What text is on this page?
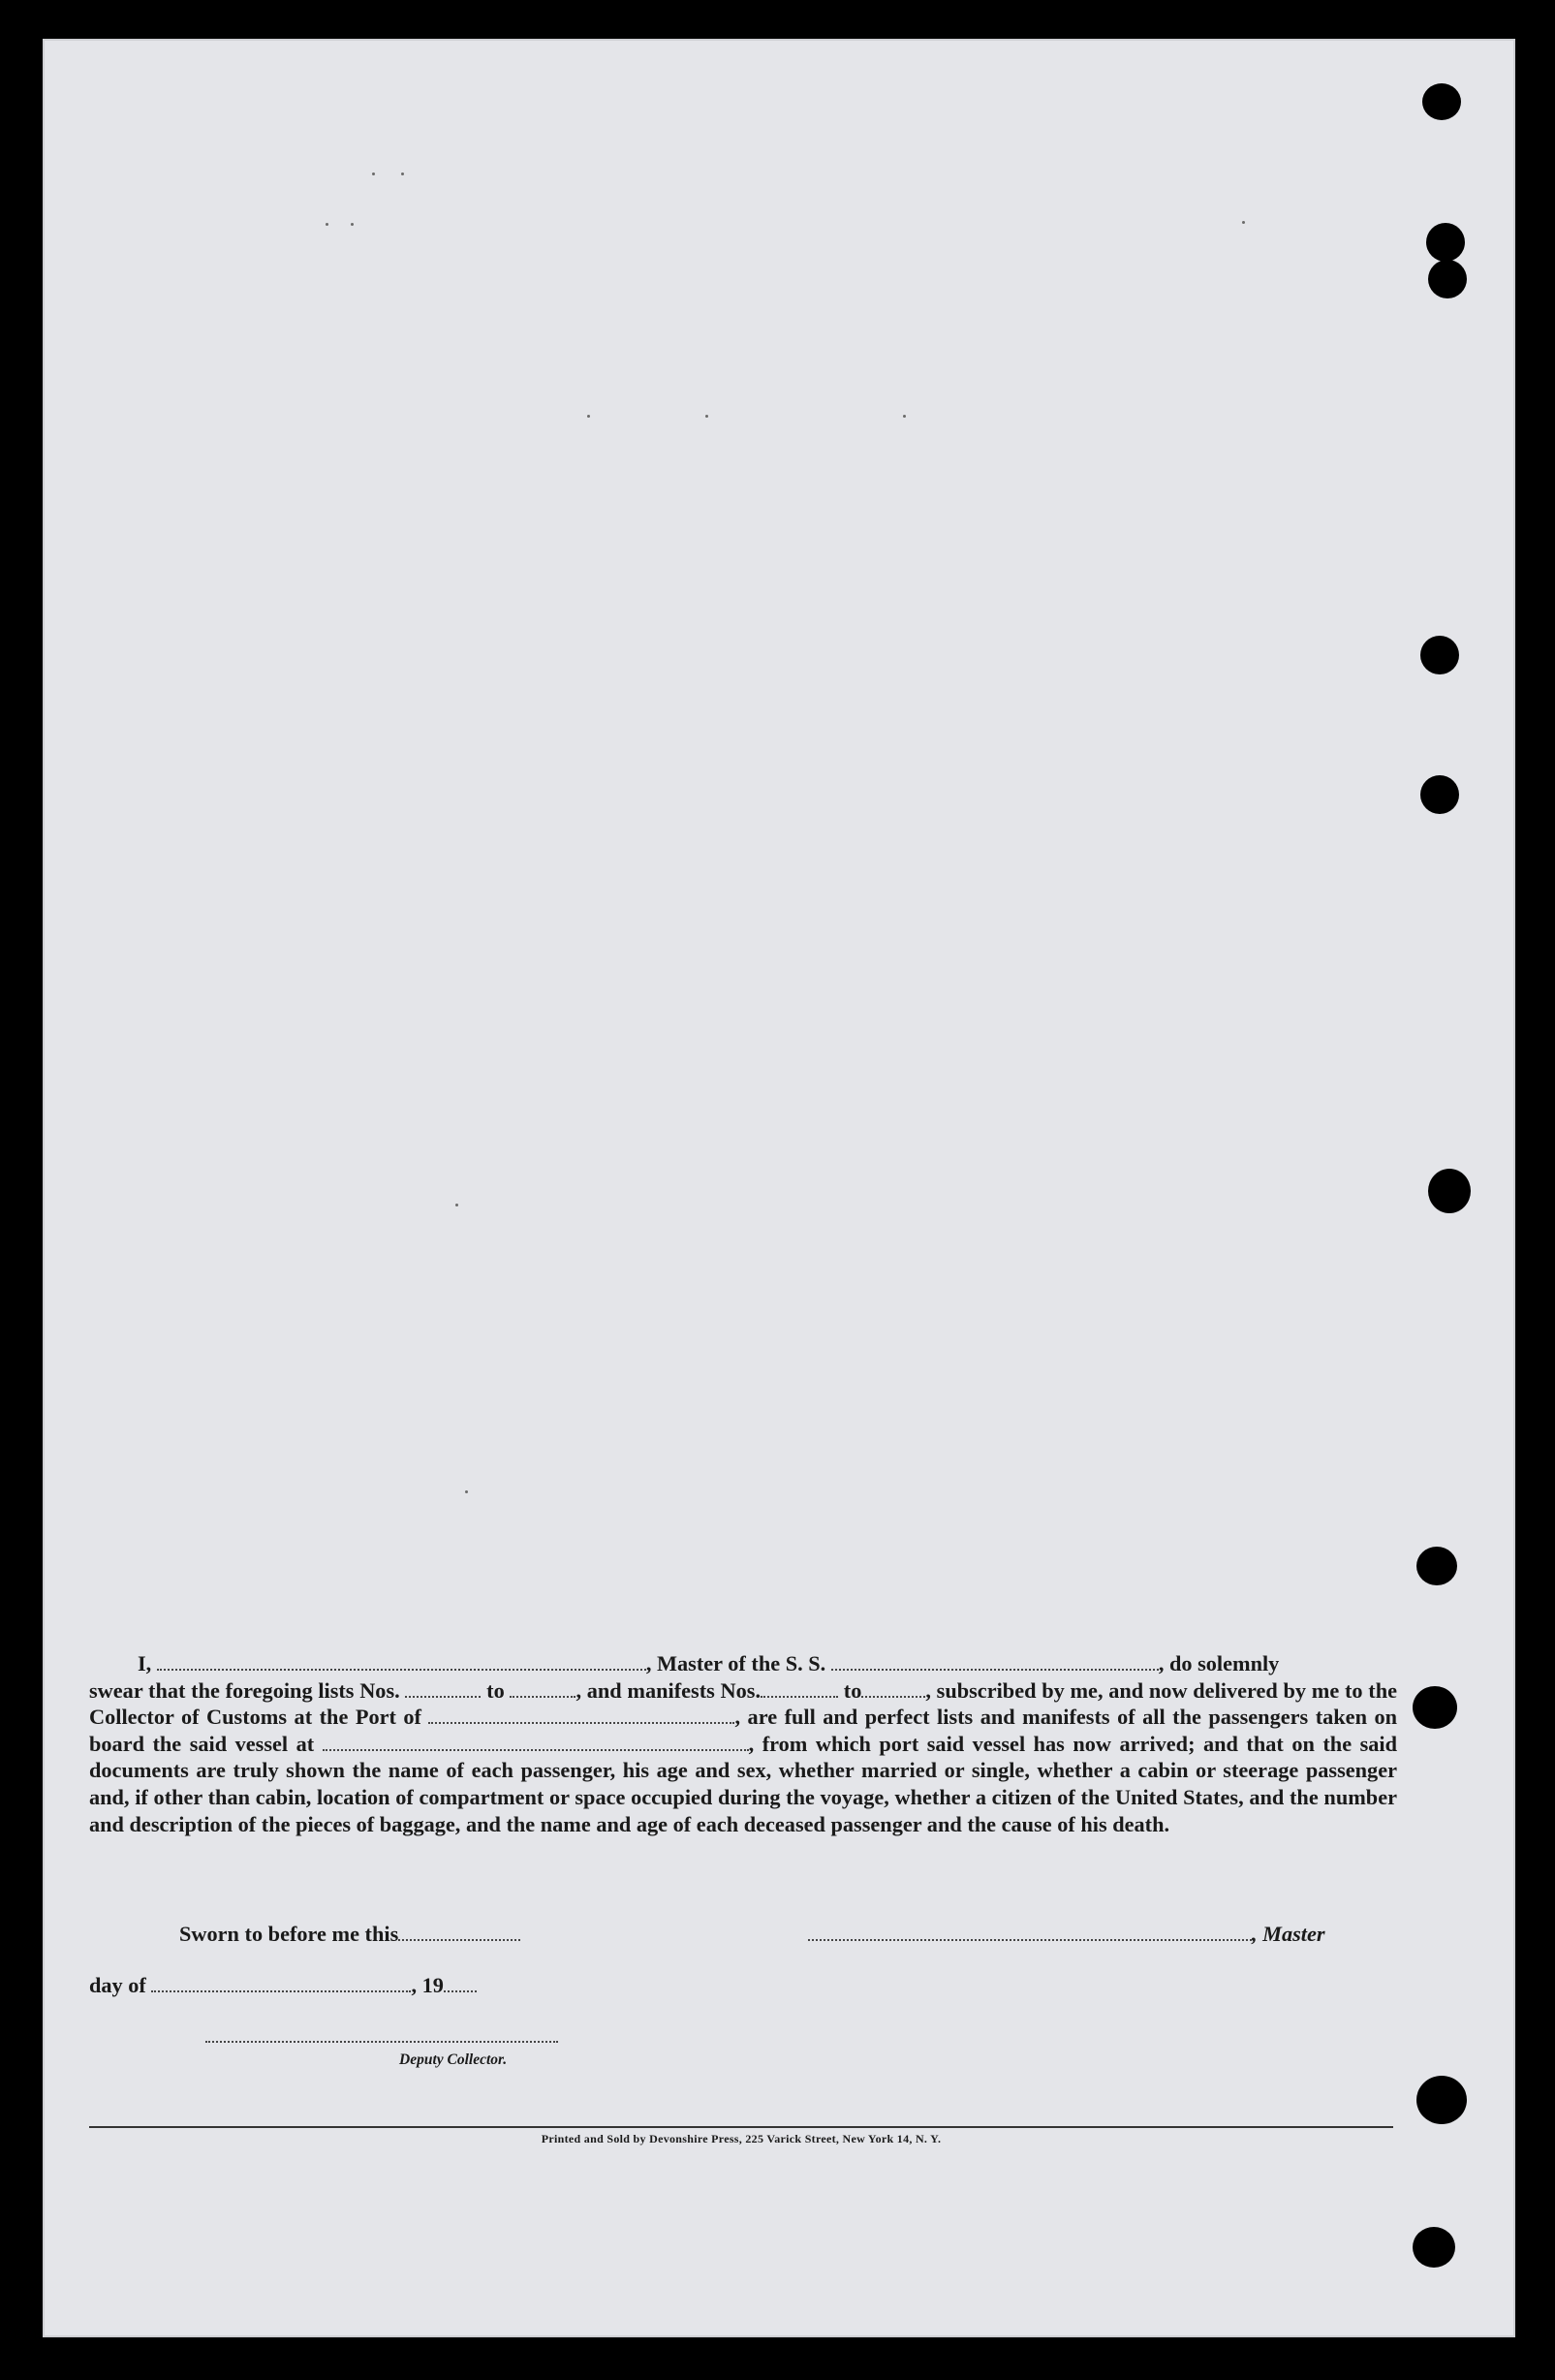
I,	, Master of the S. S.	, do solemnly

swear that the foregoing lists Nos.	to	, and manifests Nos.	to	, subscribed by me, and now delivered by me to the Collector of Customs at the Port of	, are full and perfect lists and manifests of all the passengers taken on board the said vessel at	, from which port said vessel has now arrived; and that on the said documents are truly shown the name of each passenger, his age and sex, whether married or single, whether a cabin or steerage passenger and, if other than cabin, location of compartment or space occupied during the voyage, whether a citizen of the United States, and the number and description of the pieces of baggage, and the name and age of each deceased passenger and the cause of his death.
Sworn to before me this	, Master
day of	, 19
Deputy Collector.
Printed and Sold by Devonshire Press, 225 Varick Street, New York 14, N. Y.
